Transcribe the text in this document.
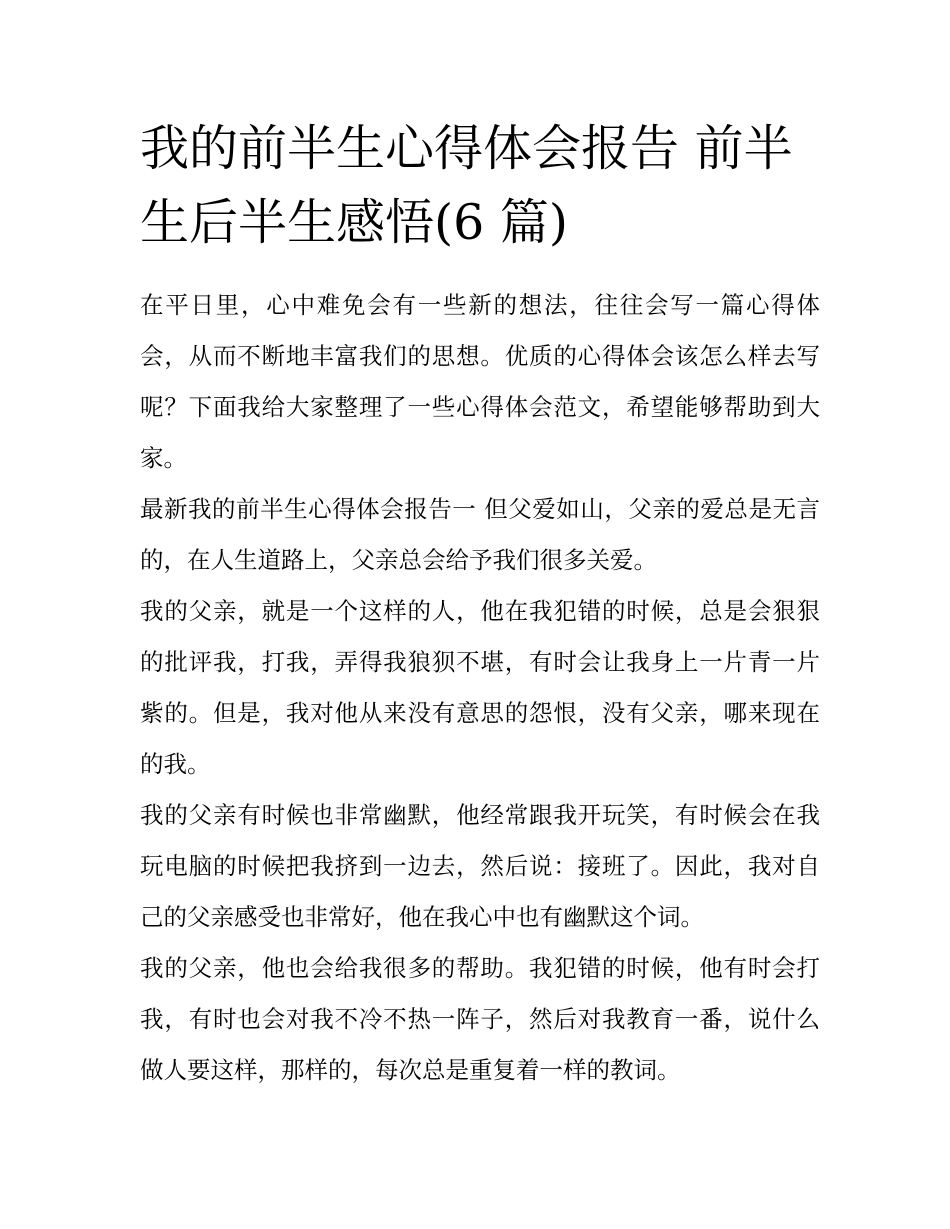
我的前半生心得体会报告 前半生后半生感悟(6 篇)

在平日里，心中难免会有一些新的想法，往往会写一篇心得体会，从而不断地丰富我们的思想。优质的心得体会该怎么样去写呢？下面我给大家整理了一些心得体会范文，希望能够帮助到大家。

最新我的前半生心得体会报告一 但父爱如山，父亲的爱总是无言的，在人生道路上，父亲总会给予我们很多关爱。

我的父亲，就是一个这样的人，他在我犯错的时候，总是会狠狠的批评我，打我，弄得我狼狈不堪，有时会让我身上一片青一片紫的。但是，我对他从来没有意思的怨恨，没有父亲，哪来现在的我。

我的父亲有时候也非常幽默，他经常跟我开玩笑，有时候会在我玩电脑的时候把我挤到一边去，然后说：接班了。因此，我对自己的父亲感受也非常好，他在我心中也有幽默这个词。

我的父亲，他也会给我很多的帮助。我犯错的时候，他有时会打我，有时也会对我不冷不热一阵子，然后对我教育一番，说什么做人要这样，那样的，每次总是重复着一样的教词。
